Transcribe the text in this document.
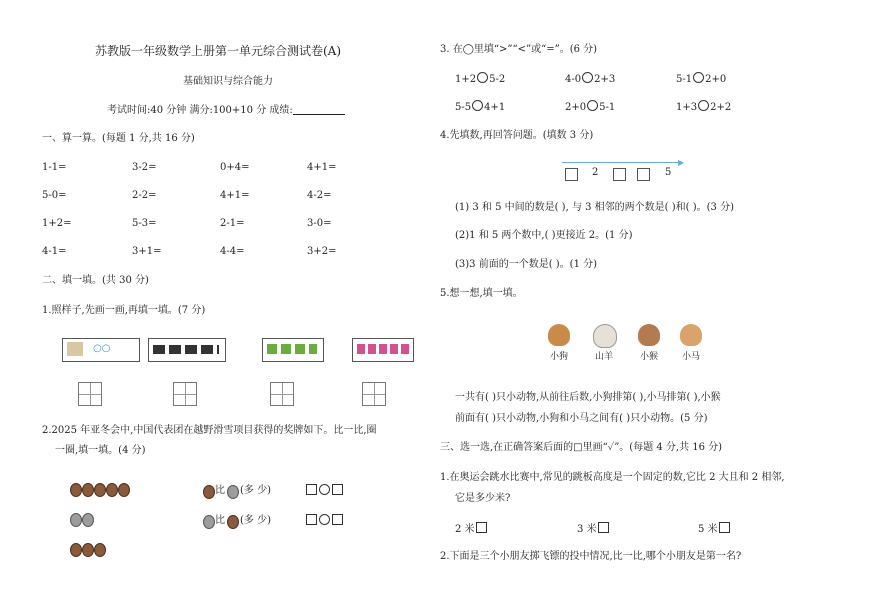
苏教版一年级数学上册第一单元综合测试卷(A)
基础知识与综合能力
考试时间:40 分钟 满分:100+10 分 成绩:
一、算一算。(每题 1 分,共 16 分)
1-1=	3-2=	0+4=	4+1=
5-0=	2-2=	4+1=	4-2=
1+2=	5-3=	2-1=	3-0=
4-1=	3+1=	4-4=	3+2=
二、填一填。(共 30 分)
1.照样子,先画一画,再填一填。(7 分)
○○
2.2025 年亚冬会中,中国代表团在越野滑雪项目获得的奖牌如下。比一比,圈
一圈,填一填。(4 分)
比 (多 少)
比 (多 少)
3. 在◯里填“>”“<”或“=”。(6 分)
1+2 5-2	4-0 2+3	5-1 2+0
5-5 4+1	2+0 5-1	1+3 2+2
4.先填数,再回答问题。(填数 3 分)
▶
2	5
(1) 3 和 5 中间的数是( ), 与 3 相邻的两个数是( )和( )。(3 分)
(2)1 和 5 两个数中,( )更接近 2。(1 分)
(3)3 前面的一个数是( )。(1 分)
5.想一想,填一填。
小狗	山羊	小猴	小马
一共有( )只小动物,从前往后数,小狗排第( ),小马排第( ),小猴
前面有( )只小动物,小狗和小马之间有( )只小动物。(5 分)
三、选一选,在正确答案后面的□里画“✓”。(每题 4 分,共 16 分)
1.在奥运会跳水比赛中,常见的跳板高度是一个固定的数,它比 2 大且和 2 相邻,
它是多少米?
2 米	3 米	5 米
2.下面是三个小朋友掷飞镖的投中情况,比一比,哪个小朋友是第一名?
